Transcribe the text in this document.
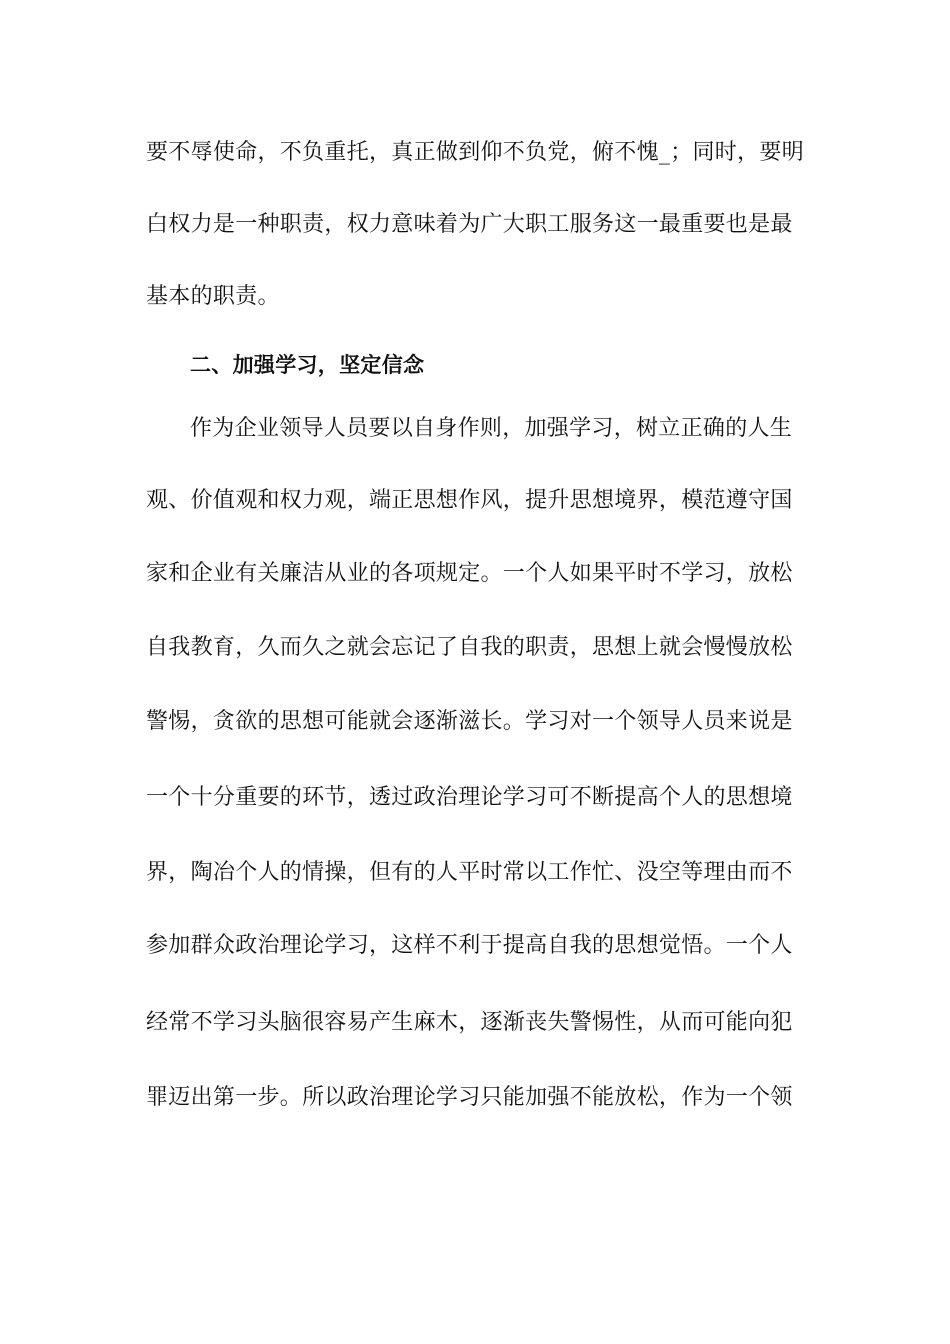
要不辱使命，不负重托，真正做到仰不负党，俯不愧_；同时，要明
白权力是一种职责，权力意味着为广大职工服务这一最重要也是最
基本的职责。
二、加强学习，坚定信念
作为企业领导人员要以自身作则，加强学习，树立正确的人生
观、价值观和权力观，端正思想作风，提升思想境界，模范遵守国
家和企业有关廉洁从业的各项规定。一个人如果平时不学习，放松
自我教育，久而久之就会忘记了自我的职责，思想上就会慢慢放松
警惕，贪欲的思想可能就会逐渐滋长。学习对一个领导人员来说是
一个十分重要的环节，透过政治理论学习可不断提高个人的思想境
界，陶冶个人的情操，但有的人平时常以工作忙、没空等理由而不
参加群众政治理论学习，这样不利于提高自我的思想觉悟。一个人
经常不学习头脑很容易产生麻木，逐渐丧失警惕性，从而可能向犯
罪迈出第一步。所以政治理论学习只能加强不能放松，作为一个领
